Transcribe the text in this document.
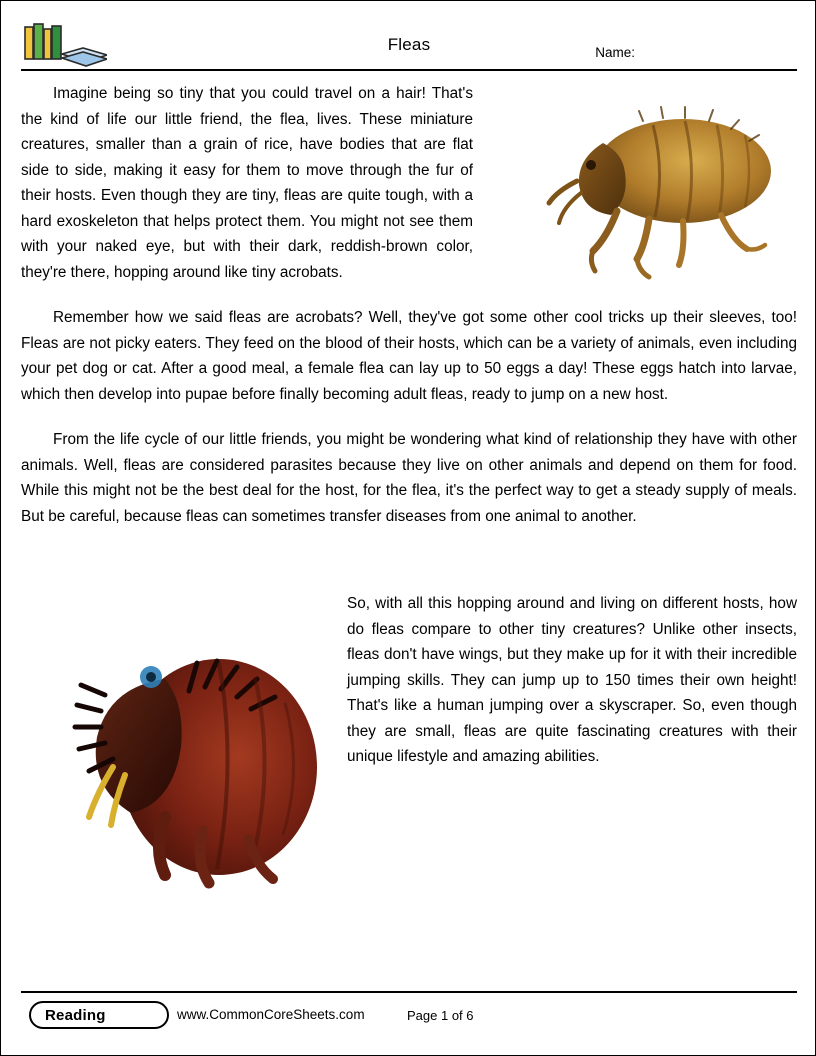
Fleas	Name:

Imagine being so tiny that you could travel on a hair! That's the kind of life our little friend, the flea, lives. These miniature creatures, smaller than a grain of rice, have bodies that are flat side to side, making it easy for them to move through the fur of their hosts. Even though they are tiny, fleas are quite tough, with a hard exoskeleton that helps protect them. You might not see them with your naked eye, but with their dark, reddish-brown color, they're there, hopping around like tiny acrobats.

Remember how we said fleas are acrobats? Well, they've got some other cool tricks up their sleeves, too! Fleas are not picky eaters. They feed on the blood of their hosts, which can be a variety of animals, even including your pet dog or cat. After a good meal, a female flea can lay up to 50 eggs a day! These eggs hatch into larvae, which then develop into pupae before finally becoming adult fleas, ready to jump on a new host.

From the life cycle of our little friends, you might be wondering what kind of relationship they have with other animals. Well, fleas are considered parasites because they live on other animals and depend on them for food. While this might not be the best deal for the host, for the flea, it's the perfect way to get a steady supply of meals. But be careful, because fleas can sometimes transfer diseases from one animal to another.

So, with all this hopping around and living on different hosts, how do fleas compare to other tiny creatures? Unlike other insects, fleas don't have wings, but they make up for it with their incredible jumping skills. They can jump up to 150 times their own height! That's like a human jumping over a skyscraper. So, even though they are small, fleas are quite fascinating creatures with their unique lifestyle and amazing abilities.

Reading	www.CommonCoreSheets.com	Page 1 of 6
